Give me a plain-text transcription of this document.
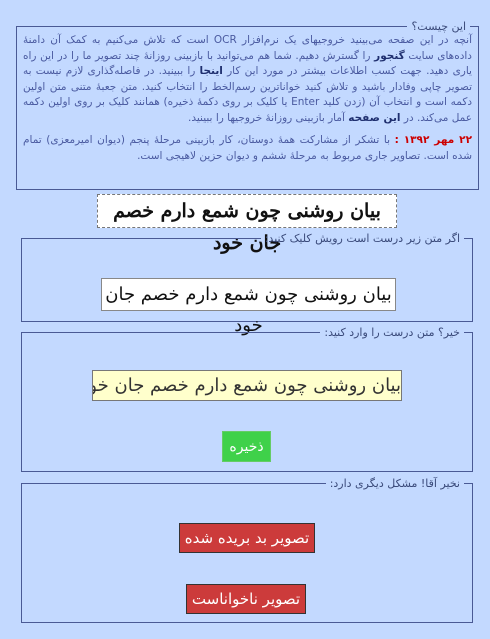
این چیست؟

آنچه در این صفحه می‌بینید خروجیهای یک نرم‌افزار OCR است که تلاش می‌کنیم به کمک آن دامنهٔ داده‌های سایت گنجور را گسترش دهیم. شما هم می‌توانید با بازبینی روزانهٔ چند تصویر ما را در این راه یاری دهید. جهت کسب اطلاعات بیشتر در مورد این کار اینجا را ببینید. در فاصله‌گذاری لازم نیست به تصویر چاپی وفادار باشید و تلاش کنید خواناترین رسم‌الخط را انتخاب کنید. متن جعبهٔ متنی متن اولین دکمه است و انتخاب آن (زدن کلید Enter یا کلیک بر روی دکمهٔ ذخیره) همانند کلیک بر روی اولین دکمه عمل می‌کند. در این صفحه آمار بازبینی روزانهٔ خروجیها را ببینید.

۲۲ مهر ۱۳۹۲ : با تشکر از مشارکت همهٔ دوستان، کار بازبینی مرحلهٔ پنجم (دیوان امیرمعزی) تمام شده است. تصاویر جاری مربوط به مرحلهٔ ششم و دیوان حزین لاهیجی است.

بیان روشنی چون شمع دارم خصم جان خود
اگر متن زیر درست است رویش کلیک کنید:
بیان روشنی چون شمع دارم خصم جان خود	خیر؟ متن درست را وارد کنید:
بیان روشنی چون شمع دارم خصم جان خود
ذخیره
نخیر آقا! مشکل دیگری دارد:
تصویر بد بریده شده
تصویر ناخواناست
